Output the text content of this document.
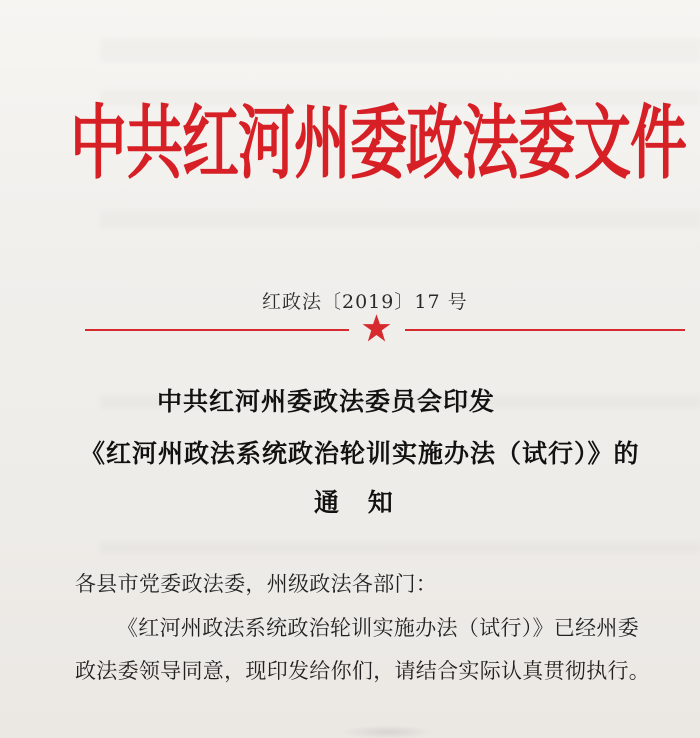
中共红河州委政法委文件
红政法〔2019〕17 号
中共红河州委政法委员会印发
《红河州政法系统政治轮训实施办法（试行）》的
通 知
各县市党委政法委，州级政法各部门：
《红河州政法系统政治轮训实施办法（试行）》已经州委
政法委领导同意，现印发给你们，请结合实际认真贯彻执行。
